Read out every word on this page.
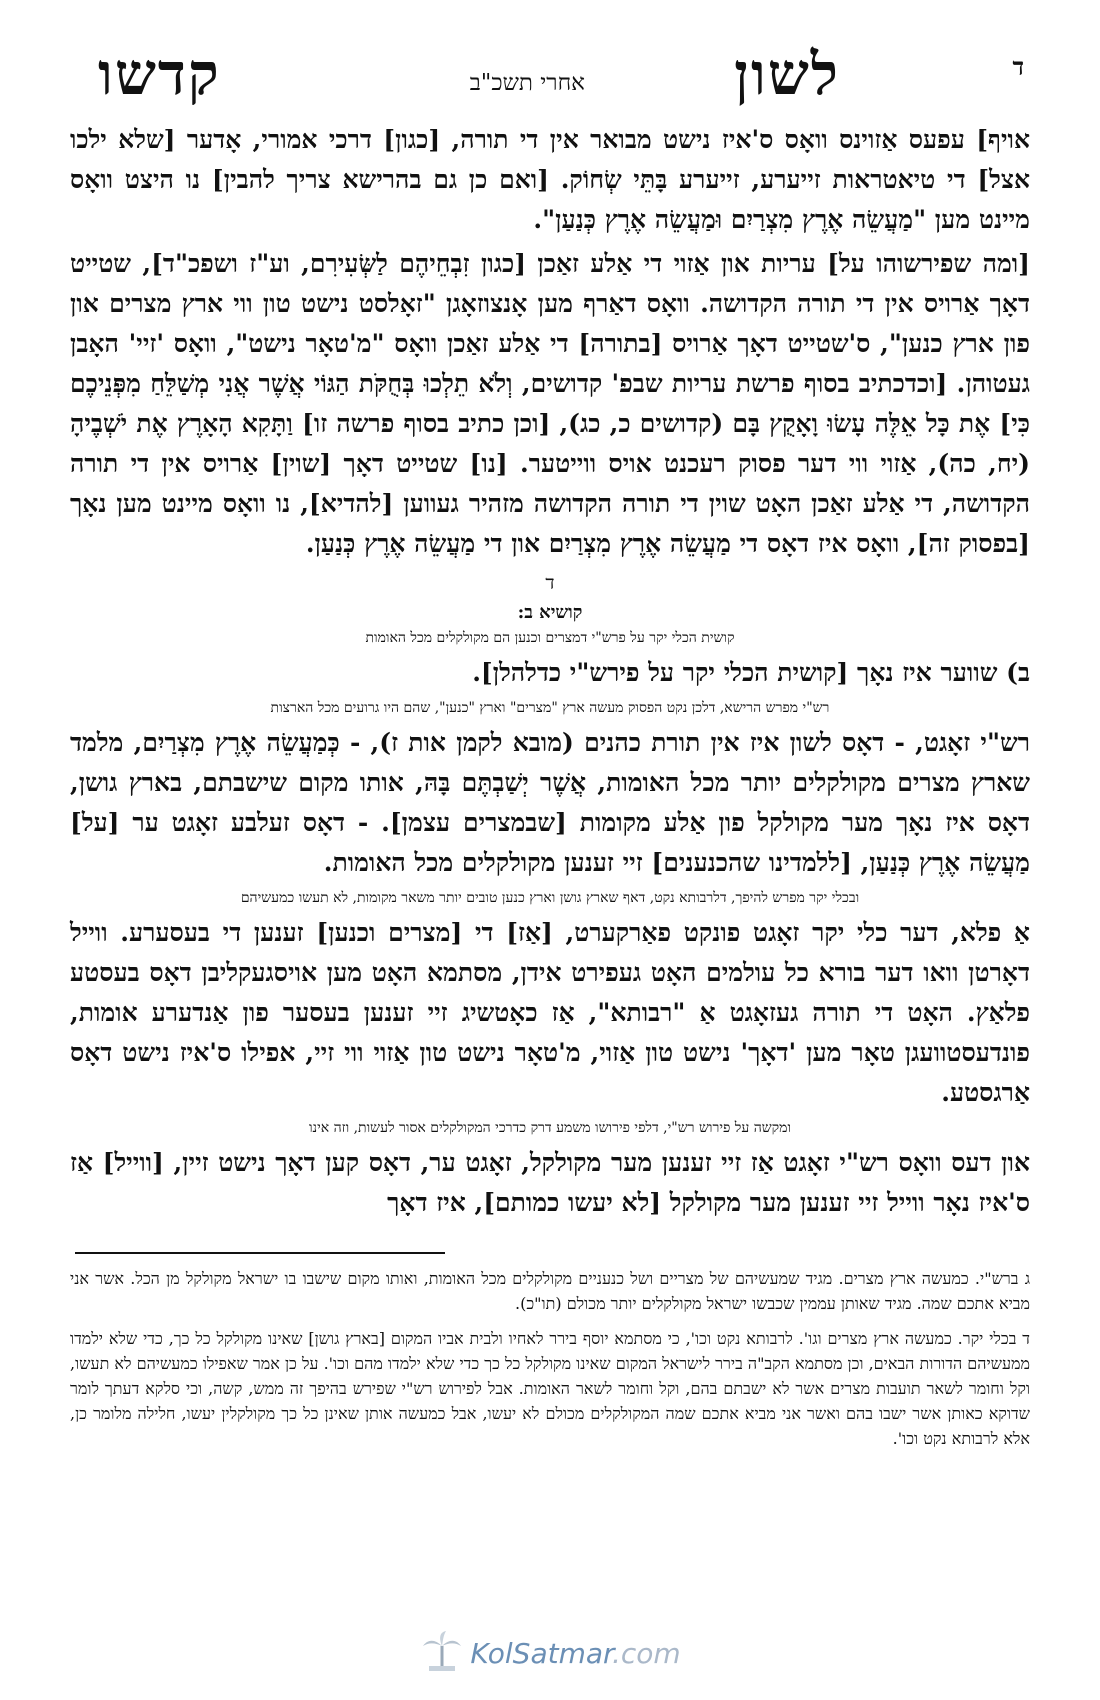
ד
לשון
אחרי תשכ"ב
קדשו

אויף] עפעס אַזוינס וואָס ס'איז נישט מבואר אין די תורה, [כגון] דרכי אמורי, אָדער [שלא ילכו אצל] די טיאטראות זייערע, זייערע בָּתֵּי שְׂחוֹק. [ואם כן גם בהרישא צריך להבין] נו היצט וואָס מיינט מען "מַעֲשֵׂה אֶרֶץ מִצְרַיִם וּמַעֲשֵׂה אֶרֶץ כְּנַעַן".

[ומה שפירשוהו על] עריות און אַזוי די אַלע זאַכן [כגון זִבְחֵיהֶם לַשְּׂעִירִם, וע"ז ושפכ"ד], שטייט דאָך אַרויס אין די תורה הקדושה. וואָס דאַרף מען אָנצוזאָגן "זאָלסט נישט טון ווי ארץ מצרים און פון ארץ כנען", ס'שטייט דאָך אַרויס [בתורה] די אַלע זאַכן וואָס "מ'טאָר נישט", וואָס 'זיי' האָבן געטוהן. [וכדכתיב בסוף פרשת עריות שבפ' קדושים, וְלֹא תֵלְכוּ בְּחֻקֹּת הַגּוֹי אֲשֶׁר אֲנִי מְשַׁלֵּחַ מִפְּנֵיכֶם כִּי] אֶת כָּל אֵלֶּה עָשׂוּ וָאָקֻץ בָּם (קדושים כ, כג), [וכן כתיב בסוף פרשה זו] וַתָּקִא הָאָרֶץ אֶת יֹשְׁבֶיהָ (יח, כה), אַזוי ווי דער פסוק רעכנט אויס ווייטער. [נו] שטייט דאָך [שוין] אַרויס אין די תורה הקדושה, די אַלע זאַכן האָט שוין די תורה הקדושה מזהיר געווען [להדיא], נו וואָס מיינט מען נאָך [בפסוק זה], וואָס איז דאָס די מַעֲשֵׂה אֶרֶץ מִצְרַיִם און די מַעֲשֵׂה אֶרֶץ כְּנַעַן.

ד

קושיא ב:

קושית הכלי יקר על פרש"י דמצרים וכנען הם מקולקלים מכל האומות

ב) שווער איז נאָך [קושית הכלי יקר על פירש"י כדלהלן].

רש"י מפרש הרישא, דלכן נקט הפסוק מעשה ארץ "מצרים" וארץ "כנען", שהם היו גרועים מכל הארצות

רש"י זאָגט, - דאָס לשון איז אין תורת כהנים (מובא לקמן אות ז), - כְּמַעֲשֵׂה אֶרֶץ מִצְרַיִם, מלמד שארץ מצרים מקולקלים יותר מכל האומות, אֲשֶׁר יְשַׁבְתֶּם בָּהּ, אותו מקום שישבתם, בארץ גושן, דאָס איז נאָך מער מקולקל פון אַלע מקומות [שבמצרים עצמן]. - דאָס זעלבע זאָגט ער [על] מַעֲשֵׂה אֶרֶץ כְּנַעַן, [ללמדינו שהכנענים] זיי זענען מקולקלים מכל האומות.

ובכלי יקר מפרש להיפך, דלרבותא נקט, דאף שארץ גושן וארץ כנען טובים יותר משאר מקומות, לא תעשו כמעשיהם

אַ פלא, דער כלי יקר זאָגט פונקט פאַרקערט, [אַז] די [מצרים וכנען] זענען די בעסערע. ווייל דאָרטן וואו דער בורא כל עולמים האָט געפירט אידן, מסתמא האָט מען אויסגעקליבן דאָס בעסטע פלאַץ. האָט די תורה געזאָגט אַ "רבותא", אַז כאָטשיג זיי זענען בעסער פון אַנדערע אומות, פונדעסטוועגן טאָר מען 'דאָך' נישט טון אַזוי, מ'טאָר נישט טון אַזוי ווי זיי, אפילו ס'איז נישט דאָס אַרגסטע.

ומקשה על פירוש רש"י, דלפי פירושו משמע דרק כדרכי המקולקלים אסור לעשות, וזה אינו

און דעס וואָס רש"י זאָגט אַז זיי זענען מער מקולקל, זאָגט ער, דאָס קען דאָך נישט זיין, [ווייל] אַז ס'איז נאָר ווייל זיי זענען מער מקולקל [לא יעשו כמותם], איז דאָך

ג ברש"י. כמעשה ארץ מצרים. מגיד שמעשיהם של מצריים ושל כנעניים מקולקלים מכל האומות, ואותו מקום שישבו בו ישראל מקולקל מן הכל. אשר אני מביא אתכם שמה. מגיד שאותן עממין שכבשו ישראל מקולקלים יותר מכולם (תו"כ).

ד בכלי יקר. כמעשה ארץ מצרים וגו'. לרבותא נקט וכו', כי מסתמא יוסף בירר לאחיו ולבית אביו המקום [בארץ גושן] שאינו מקולקל כל כך, כדי שלא ילמדו ממעשיהם הדורות הבאים, וכן מסתמא הקב"ה בירר לישראל המקום שאינו מקולקל כל כך כדי שלא ילמדו מהם וכו'. על כן אמר שאפילו כמעשיהם לא תעשו, וקל וחומר לשאר תועבות מצרים אשר לא ישבתם בהם, וקל וחומר לשאר האומות. אבל לפירוש רש"י שפירש בהיפך זה ממש, קשה, וכי סלקא דעתך לומר שדוקא כאותן אשר ישבו בהם ואשר אני מביא אתכם שמה המקולקלים מכולם לא יעשו, אבל כמעשה אותן שאינן כל כך מקולקלין יעשו, חלילה מלומר כן, אלא לרבותא נקט וכו'.

KolSatmar.com
